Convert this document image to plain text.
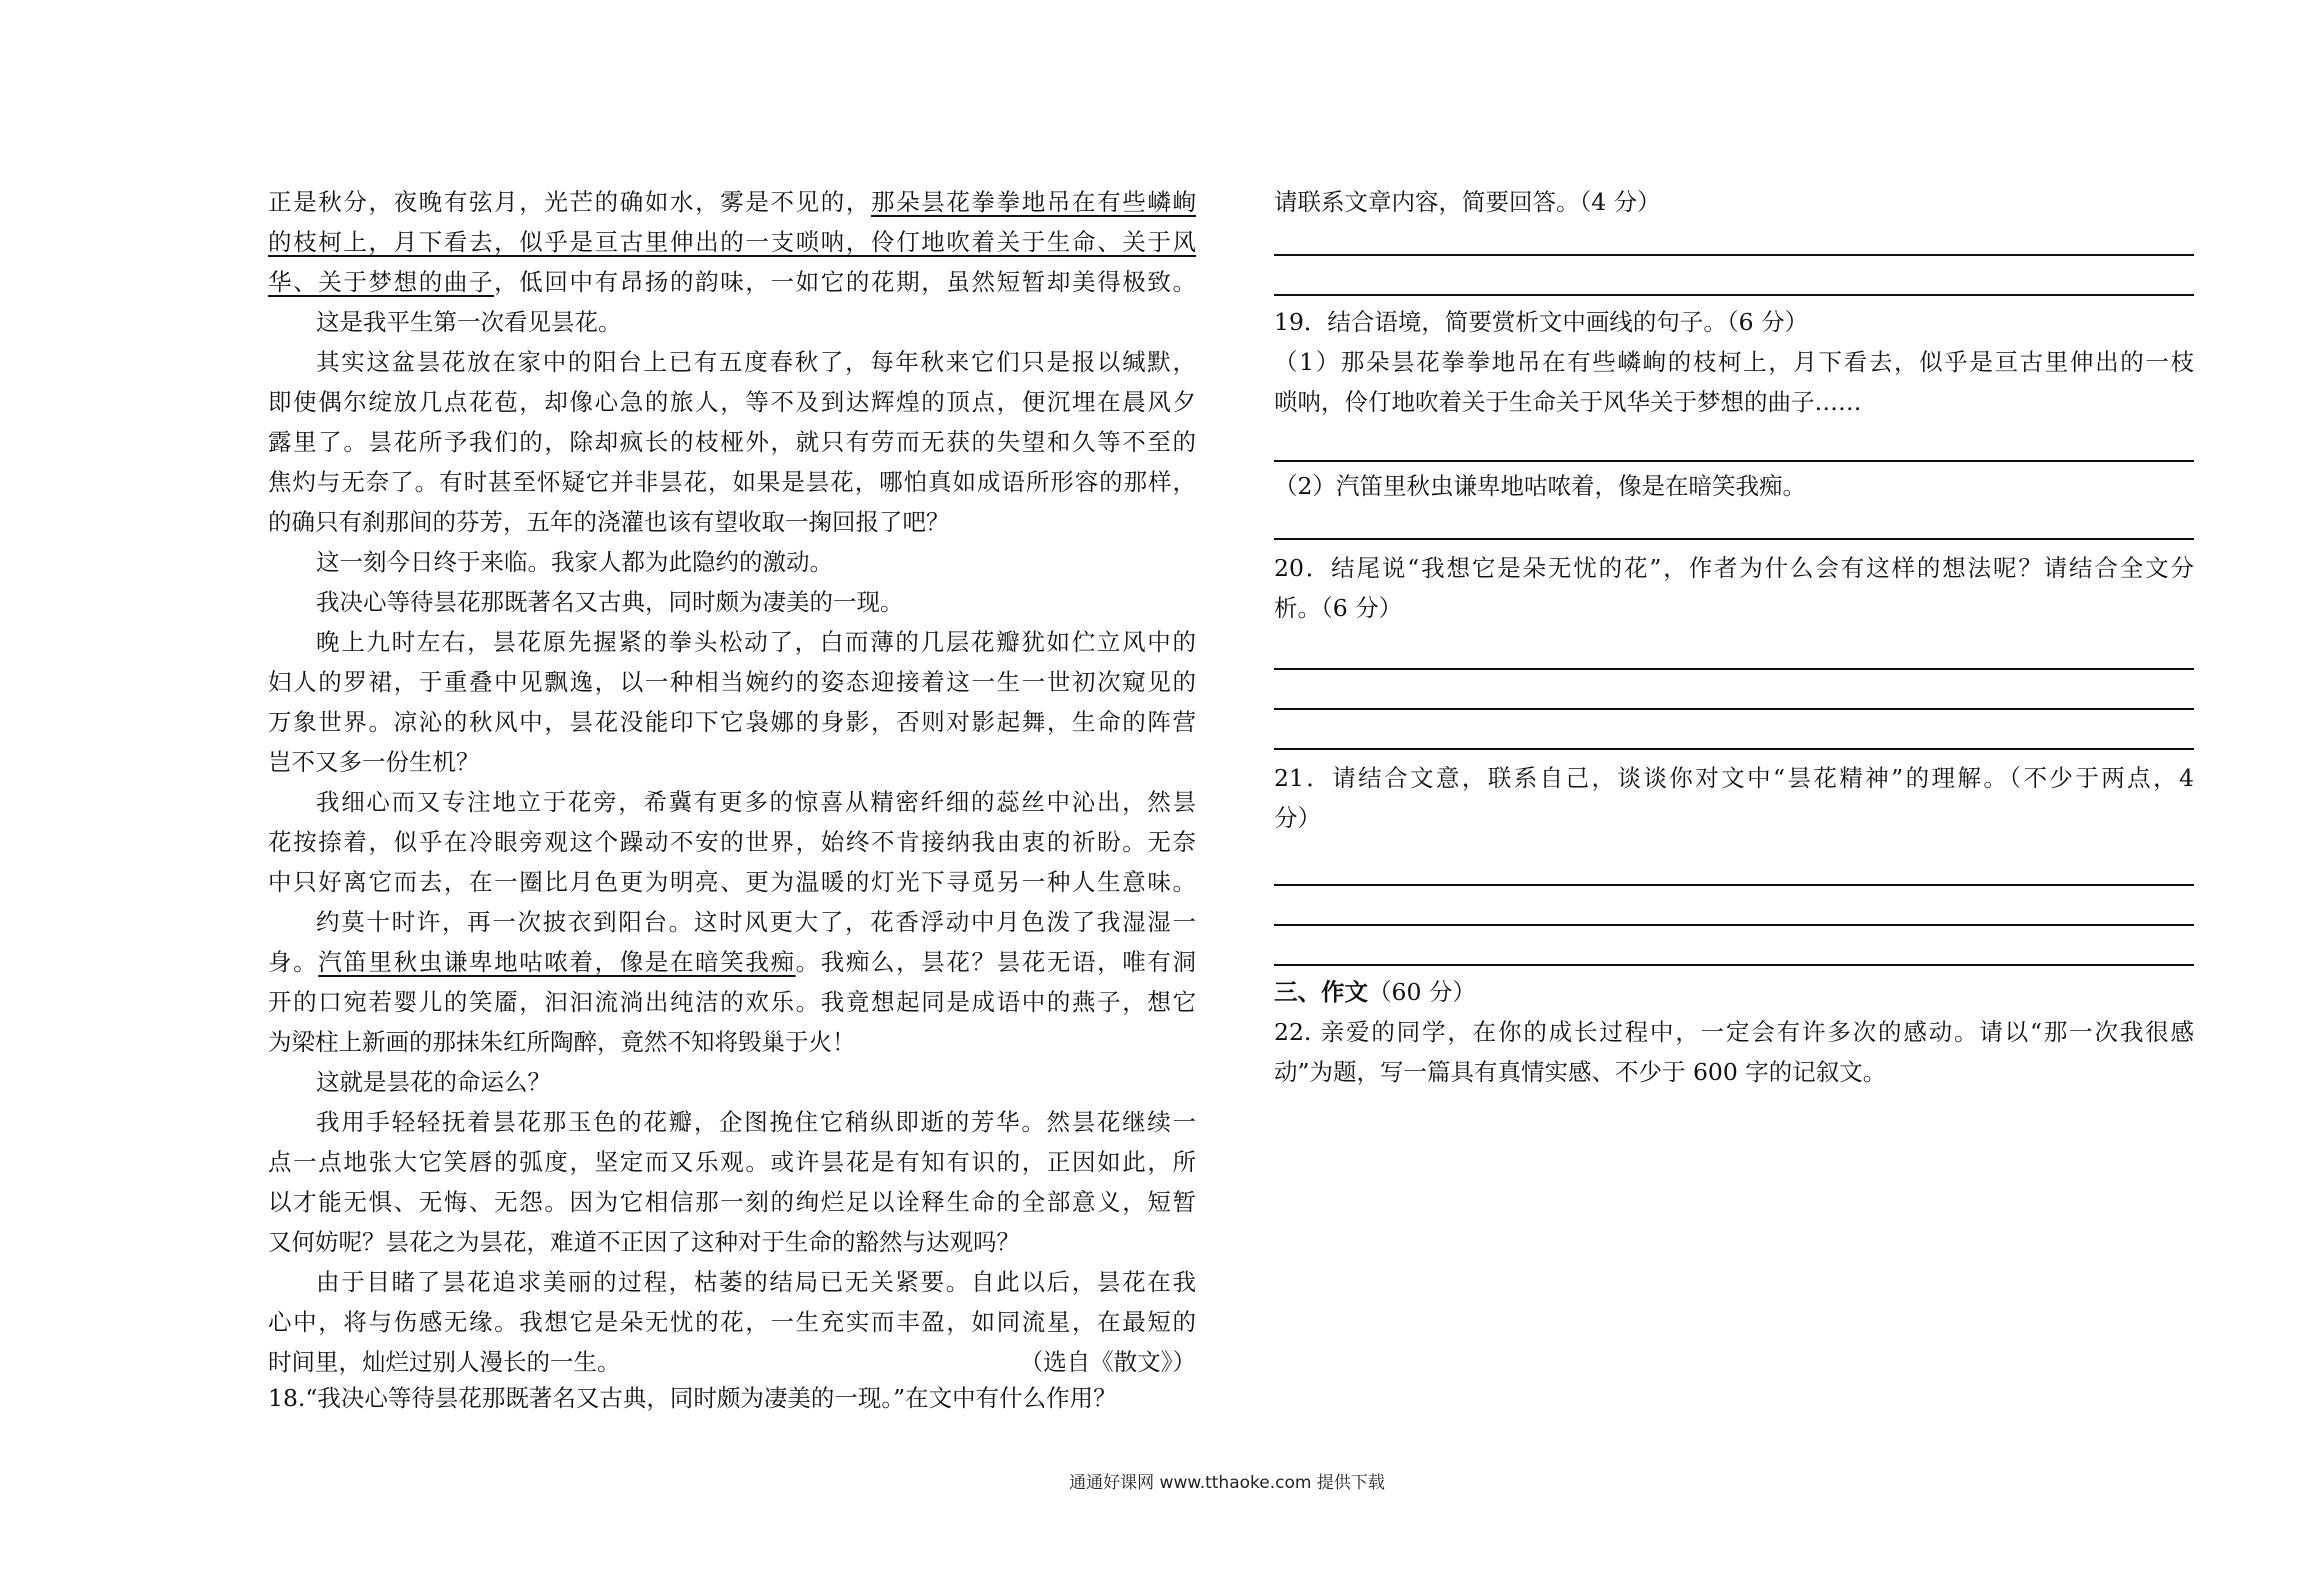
正是秋分，夜晚有弦月，光芒的确如水，雾是不见的，那朵昙花拳拳地吊在有些嶙峋
的枝柯上，月下看去，似乎是亘古里伸出的一支唢呐，伶仃地吹着关于生命、关于风
华、关于梦想的曲子，低回中有昂扬的韵味，一如它的花期，虽然短暂却美得极致。
这是我平生第一次看见昙花。
其实这盆昙花放在家中的阳台上已有五度春秋了，每年秋来它们只是报以缄默，
即使偶尔绽放几点花苞，却像心急的旅人，等不及到达辉煌的顶点，便沉埋在晨风夕
露里了。昙花所予我们的，除却疯长的枝桠外，就只有劳而无获的失望和久等不至的
焦灼与无奈了。有时甚至怀疑它并非昙花，如果是昙花，哪怕真如成语所形容的那样，
的确只有刹那间的芬芳，五年的浇灌也该有望收取一掬回报了吧？
这一刻今日终于来临。我家人都为此隐约的激动。
我决心等待昙花那既著名又古典，同时颇为凄美的一现。
晚上九时左右，昙花原先握紧的拳头松动了，白而薄的几层花瓣犹如伫立风中的
妇人的罗裙，于重叠中见飘逸，以一种相当婉约的姿态迎接着这一生一世初次窥见的
万象世界。凉沁的秋风中，昙花没能印下它袅娜的身影，否则对影起舞，生命的阵营
岂不又多一份生机？
我细心而又专注地立于花旁，希冀有更多的惊喜从精密纤细的蕊丝中沁出，然昙
花按捺着，似乎在冷眼旁观这个躁动不安的世界，始终不肯接纳我由衷的祈盼。无奈
中只好离它而去，在一圈比月色更为明亮、更为温暖的灯光下寻觅另一种人生意味。
约莫十时许，再一次披衣到阳台。这时风更大了，花香浮动中月色泼了我湿湿一
身。汽笛里秋虫谦卑地咕哝着，像是在暗笑我痴。我痴么，昙花？昙花无语，唯有洞
开的口宛若婴儿的笑靥，汩汩流淌出纯洁的欢乐。我竟想起同是成语中的燕子，想它
为梁柱上新画的那抹朱红所陶醉，竟然不知将毁巢于火！
这就是昙花的命运么？
我用手轻轻抚着昙花那玉色的花瓣，企图挽住它稍纵即逝的芳华。然昙花继续一
点一点地张大它笑唇的弧度，坚定而又乐观。或许昙花是有知有识的，正因如此，所
以才能无惧、无悔、无怨。因为它相信那一刻的绚烂足以诠释生命的全部意义，短暂
又何妨呢？昙花之为昙花，难道不正因了这种对于生命的豁然与达观吗？
由于目睹了昙花追求美丽的过程，枯萎的结局已无关紧要。自此以后，昙花在我
心中，将与伤感无缘。我想它是朵无忧的花，一生充实而丰盈，如同流星，在最短的
时间里，灿烂过别人漫长的一生。	（选自《散文》）
18.“我决心等待昙花那既著名又古典，同时颇为凄美的一现。”在文中有什么作用？
请联系文章内容，简要回答。（4 分）
19．结合语境，简要赏析文中画线的句子。（6 分）
（1）那朵昙花拳拳地吊在有些嶙峋的枝柯上，月下看去，似乎是亘古里伸出的一枝
唢呐，伶仃地吹着关于生命关于风华关于梦想的曲子……
（2）汽笛里秋虫谦卑地咕哝着，像是在暗笑我痴。
20．结尾说“我想它是朵无忧的花”，作者为什么会有这样的想法呢？请结合全文分
析。（6 分）
21．请结合文意，联系自己，谈谈你对文中“昙花精神”的理解。（不少于两点，4
分）
三、作文（60 分）
22. 亲爱的同学，在你的成长过程中，一定会有许多次的感动。请以“那一次我很感
动”为题，写一篇具有真情实感、不少于 600 字的记叙文。
通通好课网 www.tthaoke.com 提供下载
